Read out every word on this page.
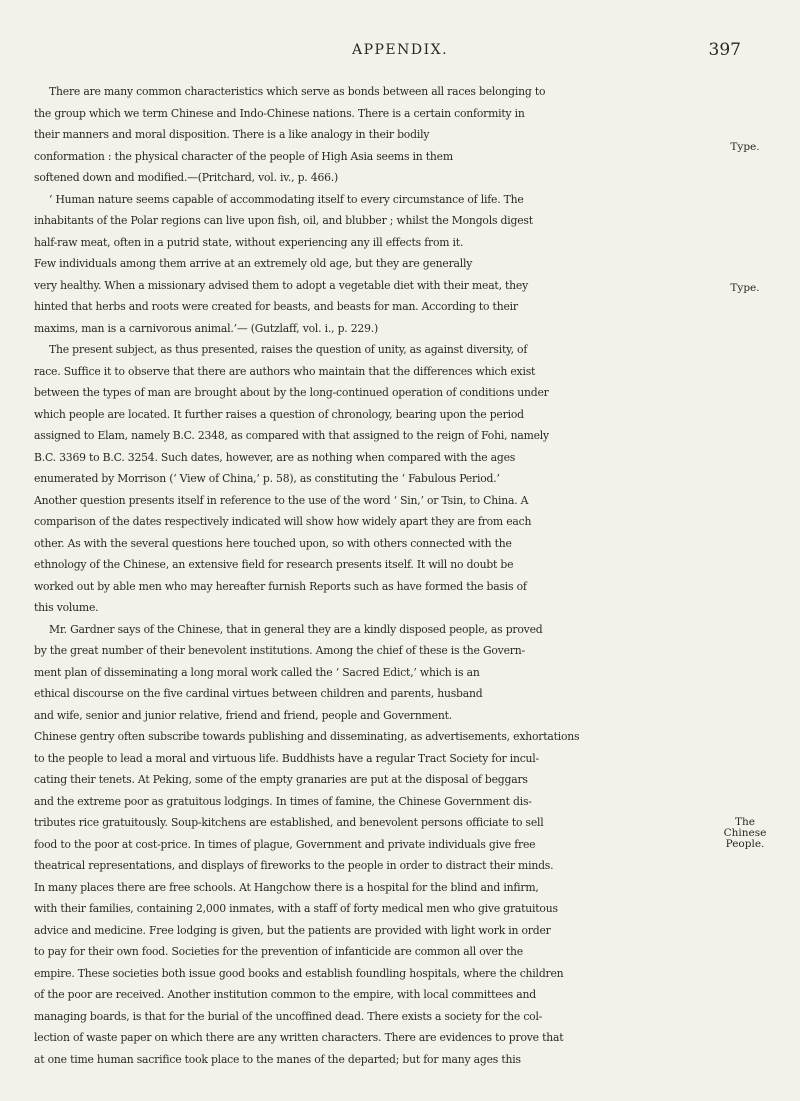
APPENDIX.	397
There are many common characteristics which serve as bonds between all races belonging to
the group which we term Chinese and Indo-Chinese nations. There is a certain conformity in
their manners and moral disposition. There is a like analogy in their bodily
conformation : the physical character of the people of High Asia seems in them
softened down and modified.—(Pritchard, vol. iv., p. 466.)
‘ Human nature seems capable of accommodating itself to every circumstance of life. The
inhabitants of the Polar regions can live upon fish, oil, and blubber ; whilst the Mongols digest
half-raw meat, often in a putrid state, without experiencing any ill effects from it.
Few individuals among them arrive at an extremely old age, but they are generally
very healthy. When a missionary advised them to adopt a vegetable diet with their meat, they
hinted that herbs and roots were created for beasts, and beasts for man. According to their
maxims, man is a carnivorous animal.’— (Gutzlaff, vol. i., p. 229.)
The present subject, as thus presented, raises the question of unity, as against diversity, of
race. Suffice it to observe that there are authors who maintain that the differences which exist
between the types of man are brought about by the long-continued operation of conditions under
which people are located. It further raises a question of chronology, bearing upon the period
assigned to Elam, namely B.C. 2348, as compared with that assigned to the reign of Fohi, namely
B.C. 3369 to B.C. 3254. Such dates, however, are as nothing when compared with the ages
enumerated by Morrison (‘ View of China,’ p. 58), as constituting the ‘ Fabulous Period.’
Another question presents itself in reference to the use of the word ‘ Sin,’ or Tsin, to China. A
comparison of the dates respectively indicated will show how widely apart they are from each
other. As with the several questions here touched upon, so with others connected with the
ethnology of the Chinese, an extensive field for research presents itself. It will no doubt be
worked out by able men who may hereafter furnish Reports such as have formed the basis of
this volume.
Mr. Gardner says of the Chinese, that in general they are a kindly disposed people, as proved
by the great number of their benevolent institutions. Among the chief of these is the Govern-
ment plan of disseminating a long moral work called the ‘ Sacred Edict,’ which is an
ethical discourse on the five cardinal virtues between children and parents, husband
and wife, senior and junior relative, friend and friend, people and Government.
Chinese gentry often subscribe towards publishing and disseminating, as advertisements, exhortations
to the people to lead a moral and virtuous life. Buddhists have a regular Tract Society for incul-
cating their tenets. At Peking, some of the empty granaries are put at the disposal of beggars
and the extreme poor as gratuitous lodgings. In times of famine, the Chinese Government dis-
tributes rice gratuitously. Soup-kitchens are established, and benevolent persons officiate to sell
food to the poor at cost-price. In times of plague, Government and private individuals give free
theatrical representations, and displays of fireworks to the people in order to distract their minds.
In many places there are free schools. At Hangchow there is a hospital for the blind and infirm,
with their families, containing 2,000 inmates, with a staff of forty medical men who give gratuitous
advice and medicine. Free lodging is given, but the patients are provided with light work in order
to pay for their own food. Societies for the prevention of infanticide are common all over the
empire. These societies both issue good books and establish foundling hospitals, where the children
of the poor are received. Another institution common to the empire, with local committees and
managing boards, is that for the burial of the uncoffined dead. There exists a society for the col-
lection of waste paper on which there are any written characters. There are evidences to prove that
at one time human sacrifice took place to the manes of the departed; but for many ages this
Type.
Type.
The Chinese People.
